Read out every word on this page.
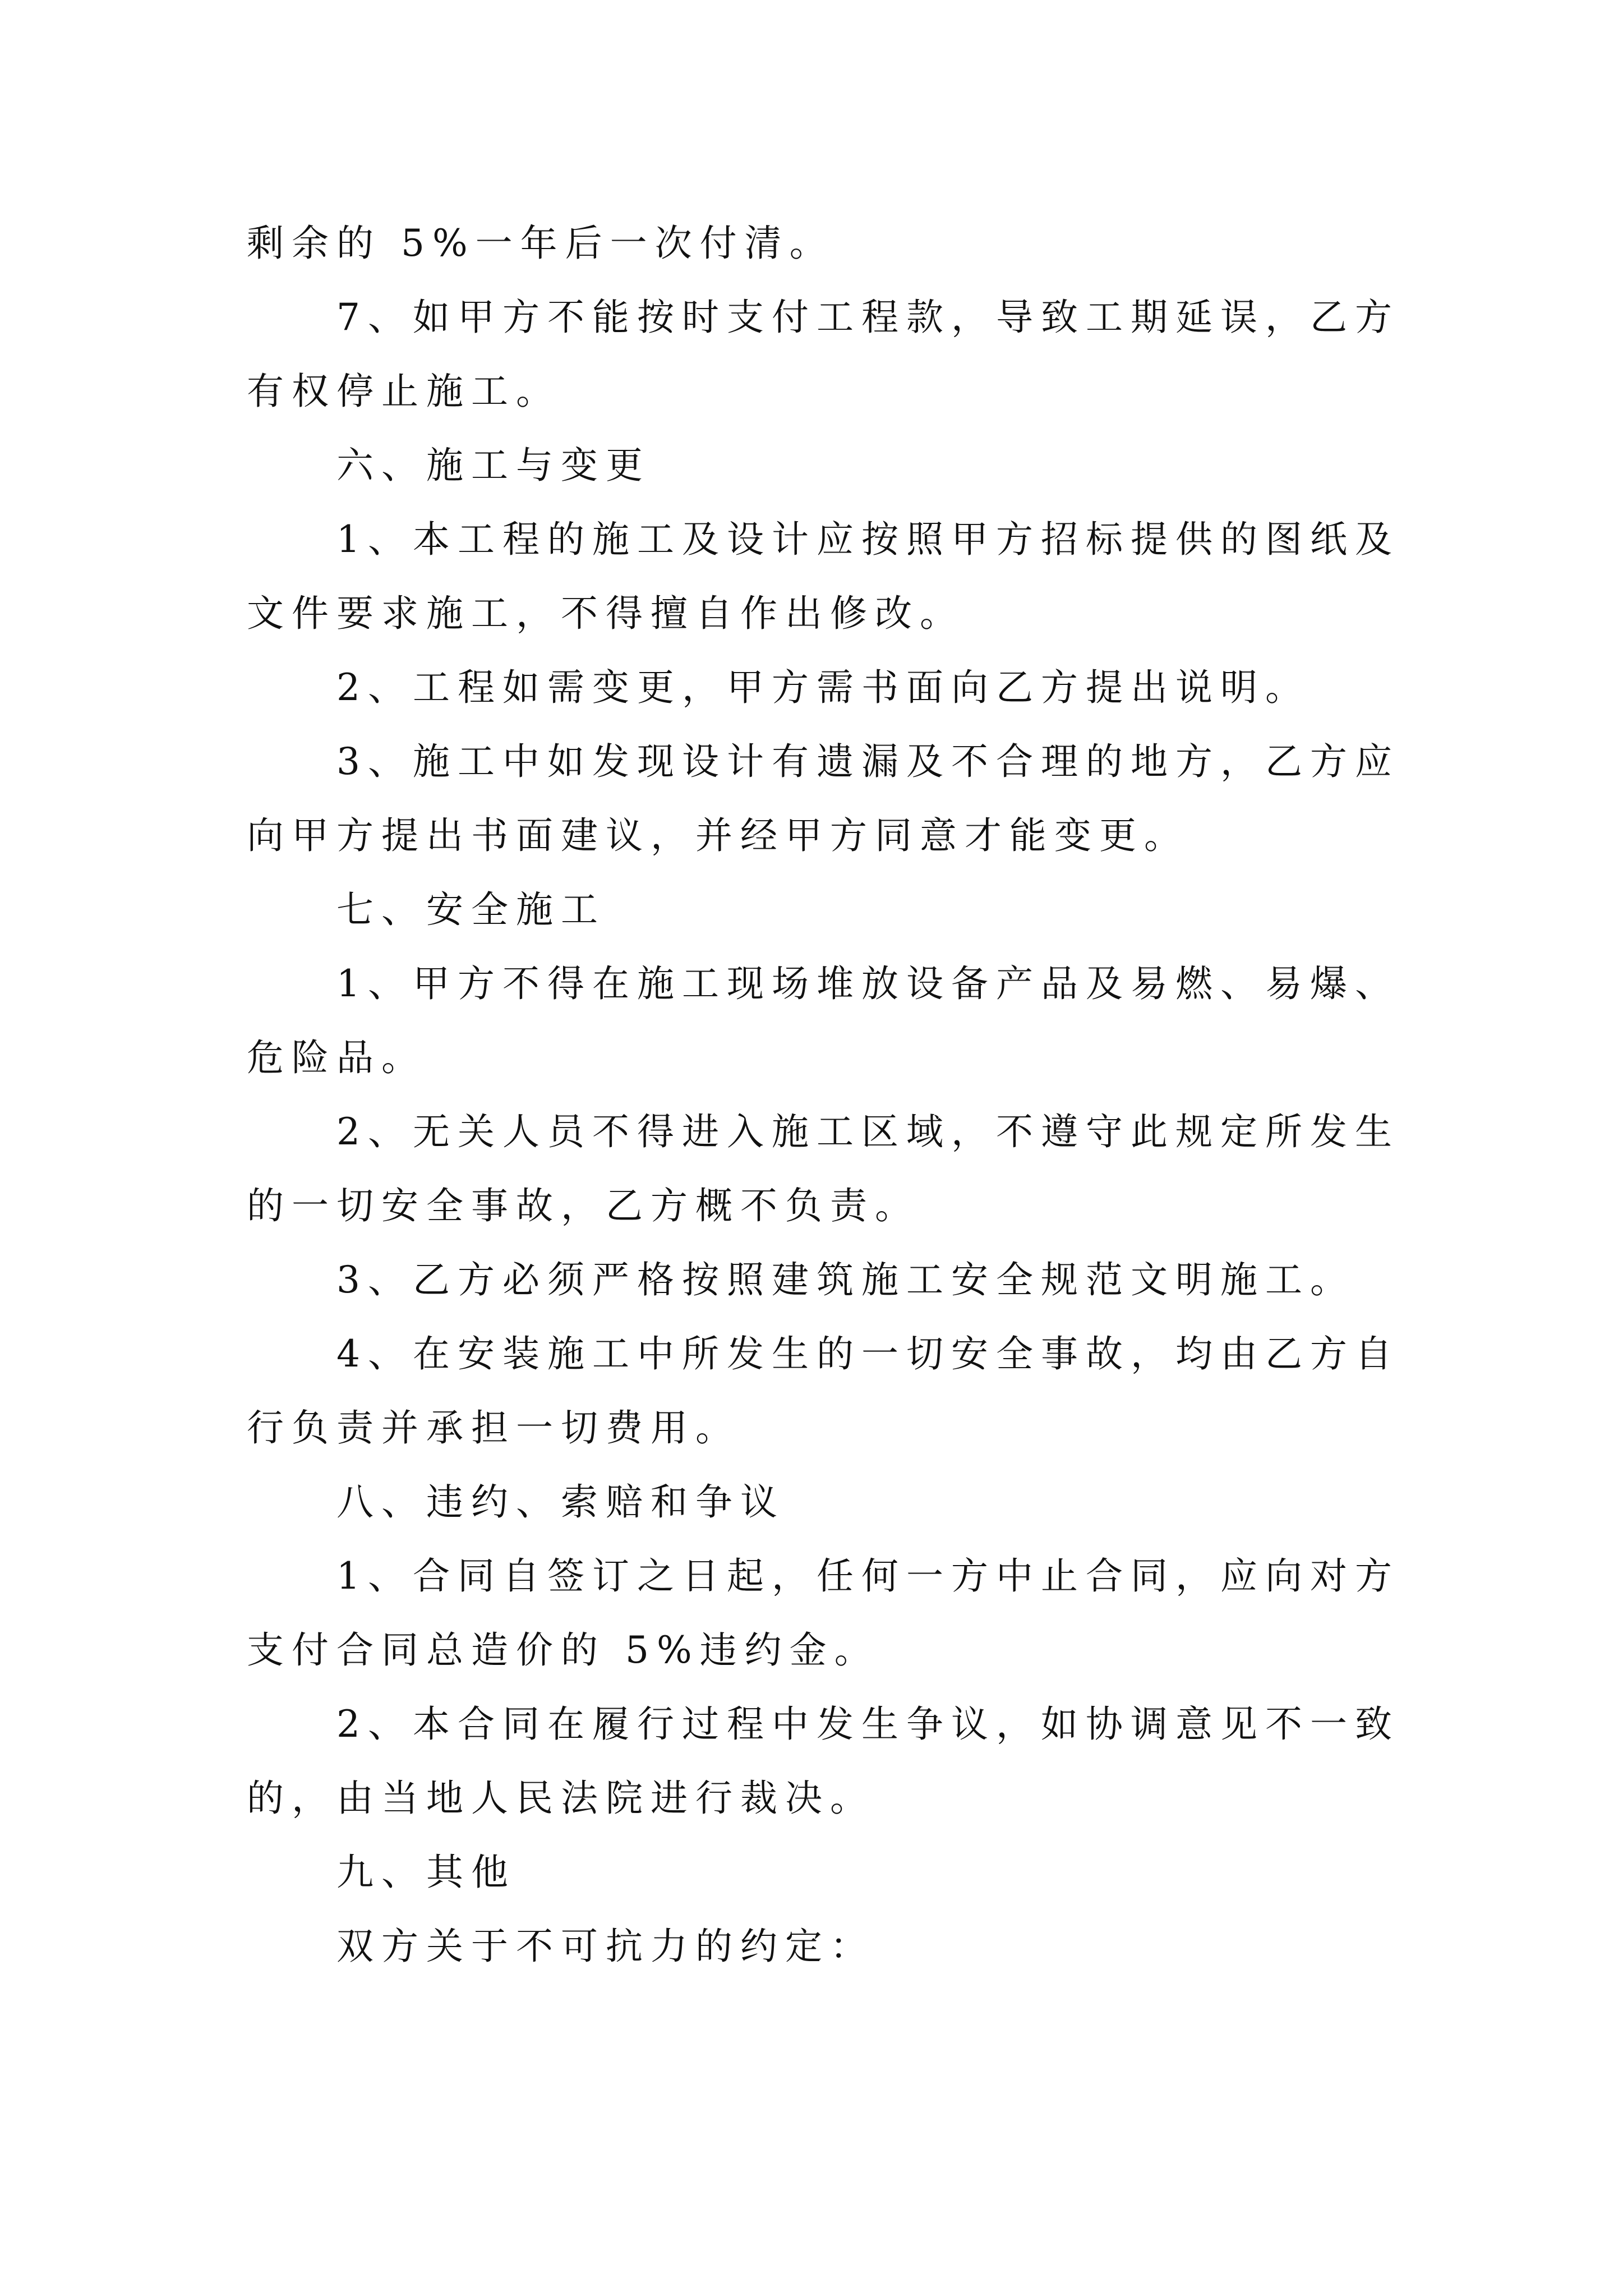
剩余的 5%一年后一次付清。

7、如甲方不能按时支付工程款，导致工期延误，乙方

有权停止施工。

六、施工与变更

1、本工程的施工及设计应按照甲方招标提供的图纸及

文件要求施工，不得擅自作出修改。

2、工程如需变更，甲方需书面向乙方提出说明。

3、施工中如发现设计有遗漏及不合理的地方，乙方应

向甲方提出书面建议，并经甲方同意才能变更。

七、安全施工

1、甲方不得在施工现场堆放设备产品及易燃、易爆、

危险品。

2、无关人员不得进入施工区域，不遵守此规定所发生

的一切安全事故，乙方概不负责。

3、乙方必须严格按照建筑施工安全规范文明施工。

4、在安装施工中所发生的一切安全事故，均由乙方自

行负责并承担一切费用。

八、违约、索赔和争议

1、合同自签订之日起，任何一方中止合同，应向对方

支付合同总造价的 5%违约金。

2、本合同在履行过程中发生争议，如协调意见不一致

的，由当地人民法院进行裁决。

九、其他

双方关于不可抗力的约定：
